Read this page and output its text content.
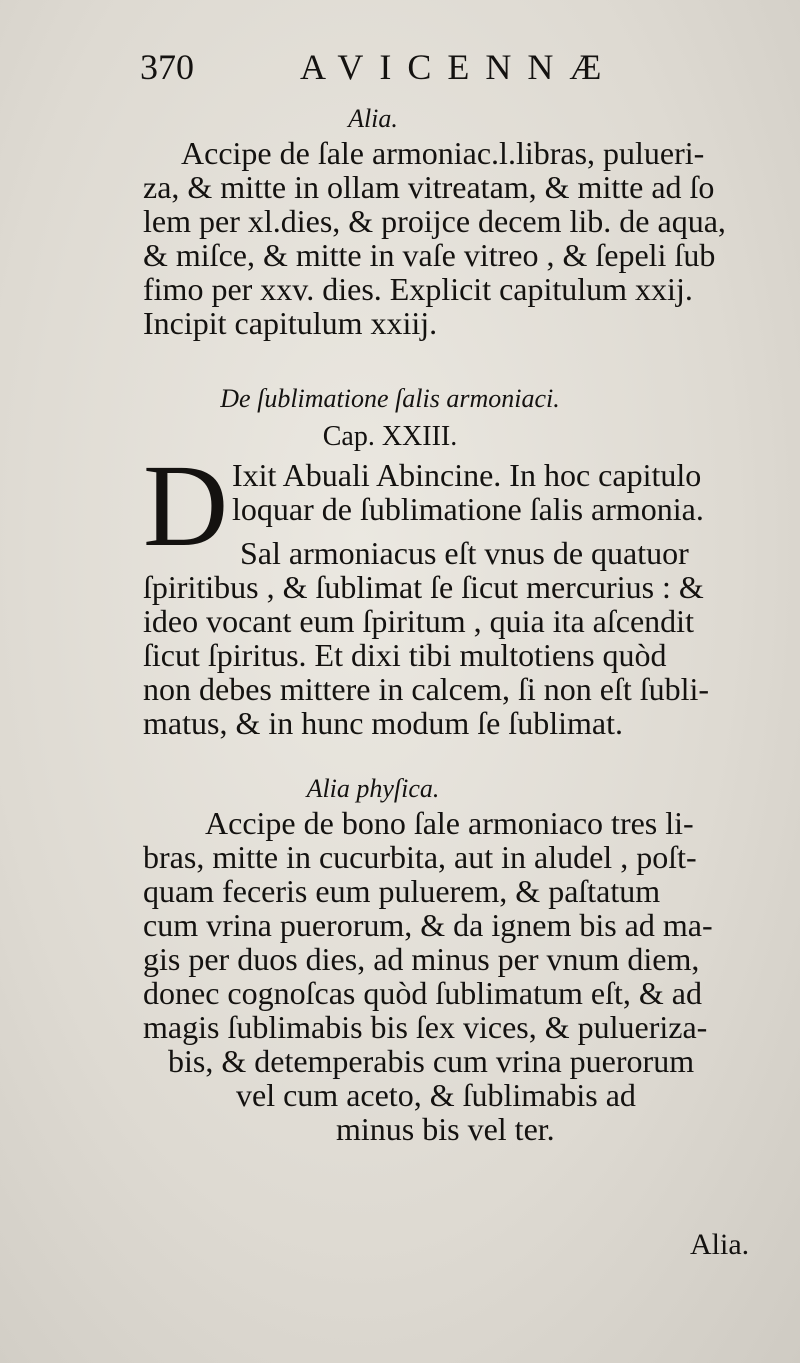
370	AVICENNÆ
Alia.
Accipe de ſale armoniac.l.libras, pulueri-
za, & mitte in ollam vitreatam, & mitte ad ſo
lem per xl.dies, & proijce decem lib. de aqua,
& miſce, & mitte in vaſe vitreo , & ſepeli ſub
fimo per xxv. dies. Explicit capitulum xxij.
Incipit capitulum xxiij.
De ſublimatione ſalis armoniaci.
Cap. XXIII.
D Ixit Abuali Abincine. In hoc capitulo
loquar de ſublimatione ſalis armonia.
Sal armoniacus eſt vnus de quatuor
ſpiritibus , & ſublimat ſe ſicut mercurius : &
ideo vocant eum ſpiritum , quia ita aſcendit
ſicut ſpiritus. Et dixi tibi multotiens quòd
non debes mittere in calcem, ſi non eſt ſubli-
matus, & in hunc modum ſe ſublimat.
Alia phyſica.
Accipe de bono ſale armoniaco tres li-
bras, mitte in cucurbita, aut in aludel , poſt-
quam feceris eum puluerem, & paſtatum
cum vrina puerorum, & da ignem bis ad ma-
gis per duos dies, ad minus per vnum diem,
donec cognoſcas quòd ſublimatum eſt, & ad
magis ſublimabis bis ſex vices, & pulueriza-
bis, & detemperabis cum vrina puerorum
vel cum aceto, & ſublimabis ad
minus bis vel ter.
Alia.
